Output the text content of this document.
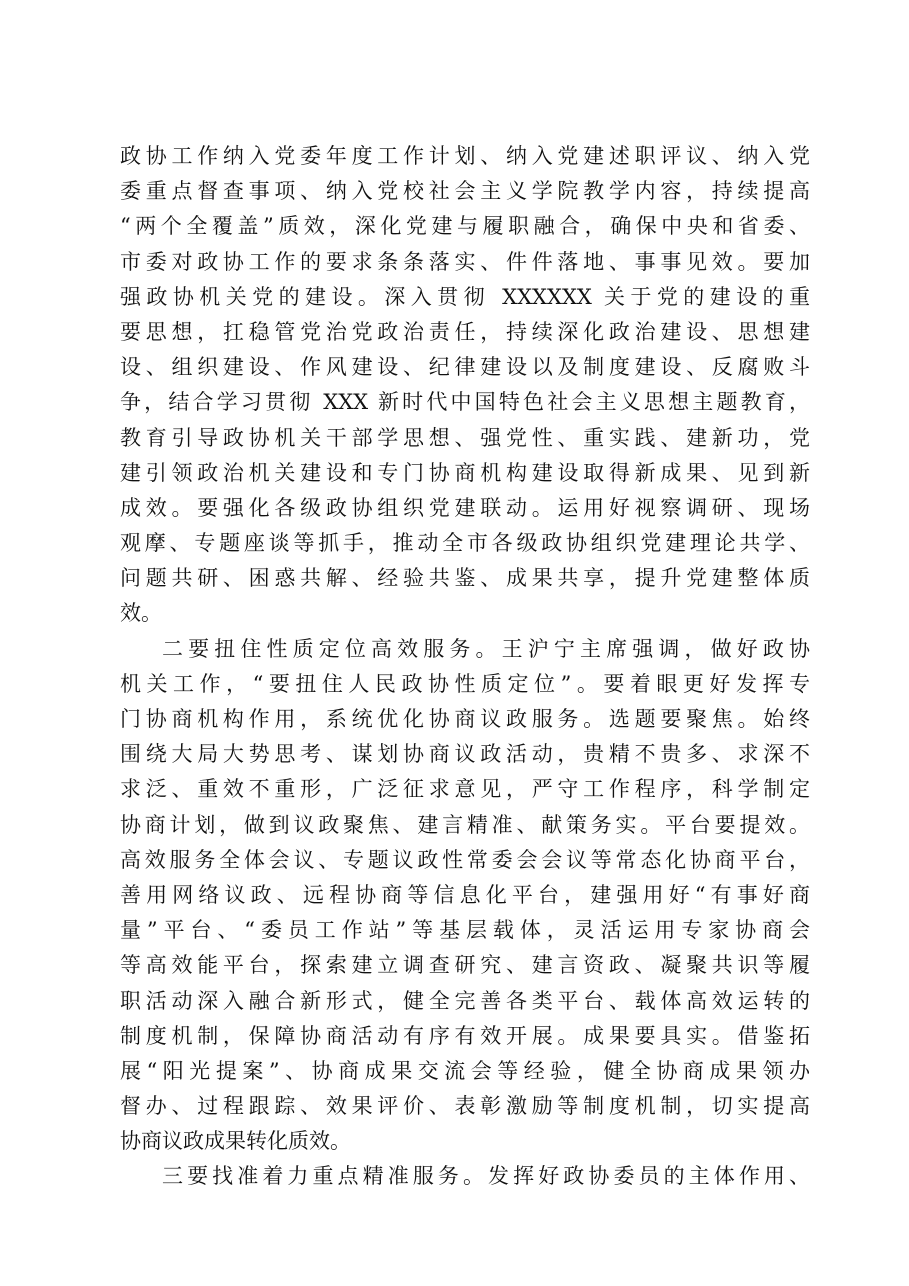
政协工作纳入党委年度工作计划、纳入党建述职评议、纳入党
委重点督查事项、纳入党校社会主义学院教学内容，持续提高
“两个全覆盖”质效，深化党建与履职融合，确保中央和省委、
市委对政协工作的要求条条落实、件件落地、事事见效。要加
强政协机关党的建设。深入贯彻 XXXXXX 关于党的建设的重
要思想，扛稳管党治党政治责任，持续深化政治建设、思想建
设、组织建设、作风建设、纪律建设以及制度建设、反腐败斗
争，结合学习贯彻 XXX 新时代中国特色社会主义思想主题教育，
教育引导政协机关干部学思想、强党性、重实践、建新功，党
建引领政治机关建设和专门协商机构建设取得新成果、见到新
成效。要强化各级政协组织党建联动。运用好视察调研、现场
观摩、专题座谈等抓手，推动全市各级政协组织党建理论共学、
问题共研、困惑共解、经验共鉴、成果共享，提升党建整体质
效。
二要扭住性质定位高效服务。王沪宁主席强调，做好政协
机关工作，“要扭住人民政协性质定位”。要着眼更好发挥专
门协商机构作用，系统优化协商议政服务。选题要聚焦。始终
围绕大局大势思考、谋划协商议政活动，贵精不贵多、求深不
求泛、重效不重形，广泛征求意见，严守工作程序，科学制定
协商计划，做到议政聚焦、建言精准、献策务实。平台要提效。
高效服务全体会议、专题议政性常委会会议等常态化协商平台，
善用网络议政、远程协商等信息化平台，建强用好“有事好商
量”平台、“委员工作站”等基层载体，灵活运用专家协商会
等高效能平台，探索建立调查研究、建言资政、凝聚共识等履
职活动深入融合新形式，健全完善各类平台、载体高效运转的
制度机制，保障协商活动有序有效开展。成果要具实。借鉴拓
展“阳光提案”、协商成果交流会等经验，健全协商成果领办
督办、过程跟踪、效果评价、表彰激励等制度机制，切实提高
协商议政成果转化质效。
三要找准着力重点精准服务。发挥好政协委员的主体作用、
